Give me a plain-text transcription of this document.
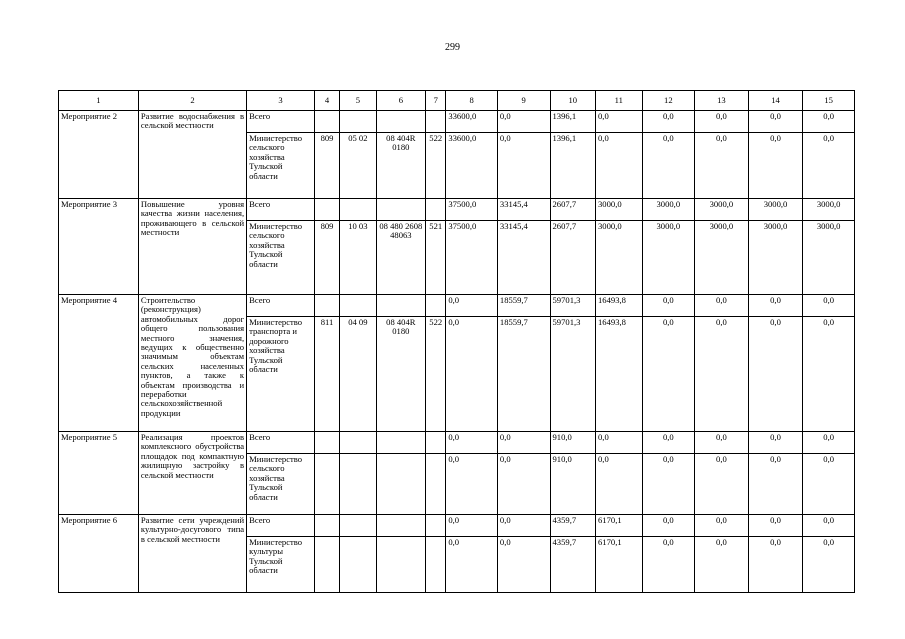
299
1	2	3	4	5	6	7	8	9	10	11	12	13	14	15
Мероприятие 2	Развитие водоснабжения в сельской местности	Всего					33600,0	0,0	1396,1	0,0	0,0	0,0	0,0	0,0
		Министерство сельского хозяйства Тульской области	809	05 02	08 404R 0180	522	33600,0	0,0	1396,1	0,0	0,0	0,0	0,0	0,0
Мероприятие 3	Повышение уровня качества жизни населения, проживающего в сельской местности	Всего					37500,0	33145,4	2607,7	3000,0	3000,0	3000,0	3000,0	3000,0
		Министерство сельского хозяйства Тульской области	809	10 03	08 480 2608 48063	521	37500,0	33145,4	2607,7	3000,0	3000,0	3000,0	3000,0	3000,0
Мероприятие 4	Строительство (реконструкция) автомобильных дорог общего пользования местного значения, ведущих к общественно значимым объектам сельских населенных пунктов, а также к объектам производства и переработки сельскохозяйственной продукции	Всего					0,0	18559,7	59701,3	16493,8	0,0	0,0	0,0	0,0
		Министерство транспорта и дорожного хозяйства Тульской области	811	04 09	08 404R 0180	522	0,0	18559,7	59701,3	16493,8	0,0	0,0	0,0	0,0
Мероприятие 5	Реализация проектов комплексного обустройства площадок под компактную жилищную застройку в сельской местности	Всего					0,0	0,0	910,0	0,0	0,0	0,0	0,0	0,0
		Министерство сельского хозяйства Тульской области					0,0	0,0	910,0	0,0	0,0	0,0	0,0	0,0
Мероприятие 6	Развитие сети учреждений культурно-досугового типа в сельской местности	Всего					0,0	0,0	4359,7	6170,1	0,0	0,0	0,0	0,0
		Министерство культуры Тульской области					0,0	0,0	4359,7	6170,1	0,0	0,0	0,0	0,0
